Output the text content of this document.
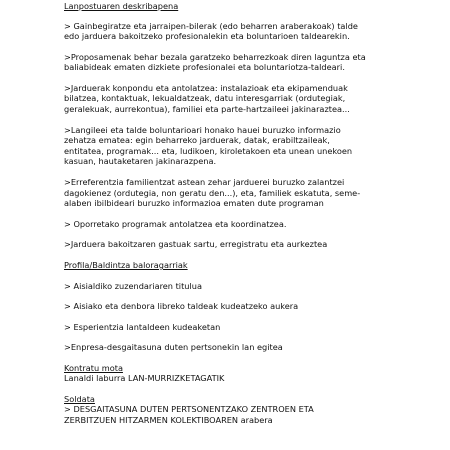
Lanpostuaren deskribapena
> Gainbegiratze eta jarraipen-bilerak (edo beharren araberakoak) talde
edo jarduera bakoitzeko profesionalekin eta boluntarioen taldearekin.
>Proposamenak behar bezala garatzeko beharrezkoak diren laguntza eta
baliabideak ematen dizkiete profesionalei eta boluntariotza-taldeari.
>Jarduerak konpondu eta antolatzea: instalazioak eta ekipamenduak
bilatzea, kontaktuak, lekualdatzeak, datu interesgarriak (ordutegiak,
geralekuak, aurrekontua), familiei eta parte-hartzaileei jakinaraztea...
>Langileei eta talde boluntarioari honako hauei buruzko informazio
zehatza ematea: egin beharreko jarduerak, datak, erabiltzaileak,
entitatea, programak... eta, ludikoen, kiroletakoen eta unean unekoen
kasuan, hautaketaren jakinarazpena.
>Erreferentzia familientzat astean zehar jarduerei buruzko zalantzei
dagokienez (ordutegia, non geratu den...), eta, familiek eskatuta, seme-
alaben ibilbideari buruzko informazioa ematen dute programan
> Oporretako programak antolatzea eta koordinatzea.
>Jarduera bakoitzaren gastuak sartu, erregistratu eta aurkeztea
Profila/Baldintza baloragarriak
> Aisialdiko zuzendariaren titulua
> Aisiako eta denbora libreko taldeak kudeatzeko aukera
> Esperientzia lantaldeen kudeaketan
>Enpresa-desgaitasuna duten pertsonekin lan egitea
Kontratu mota
Lanaldi laburra LAN-MURRIZKETAGATIK
Soldata
> DESGAITASUNA DUTEN PERTSONENTZAKO ZENTROEN ETA
ZERBITZUEN HITZARMEN KOLEKTIBOAREN arabera
